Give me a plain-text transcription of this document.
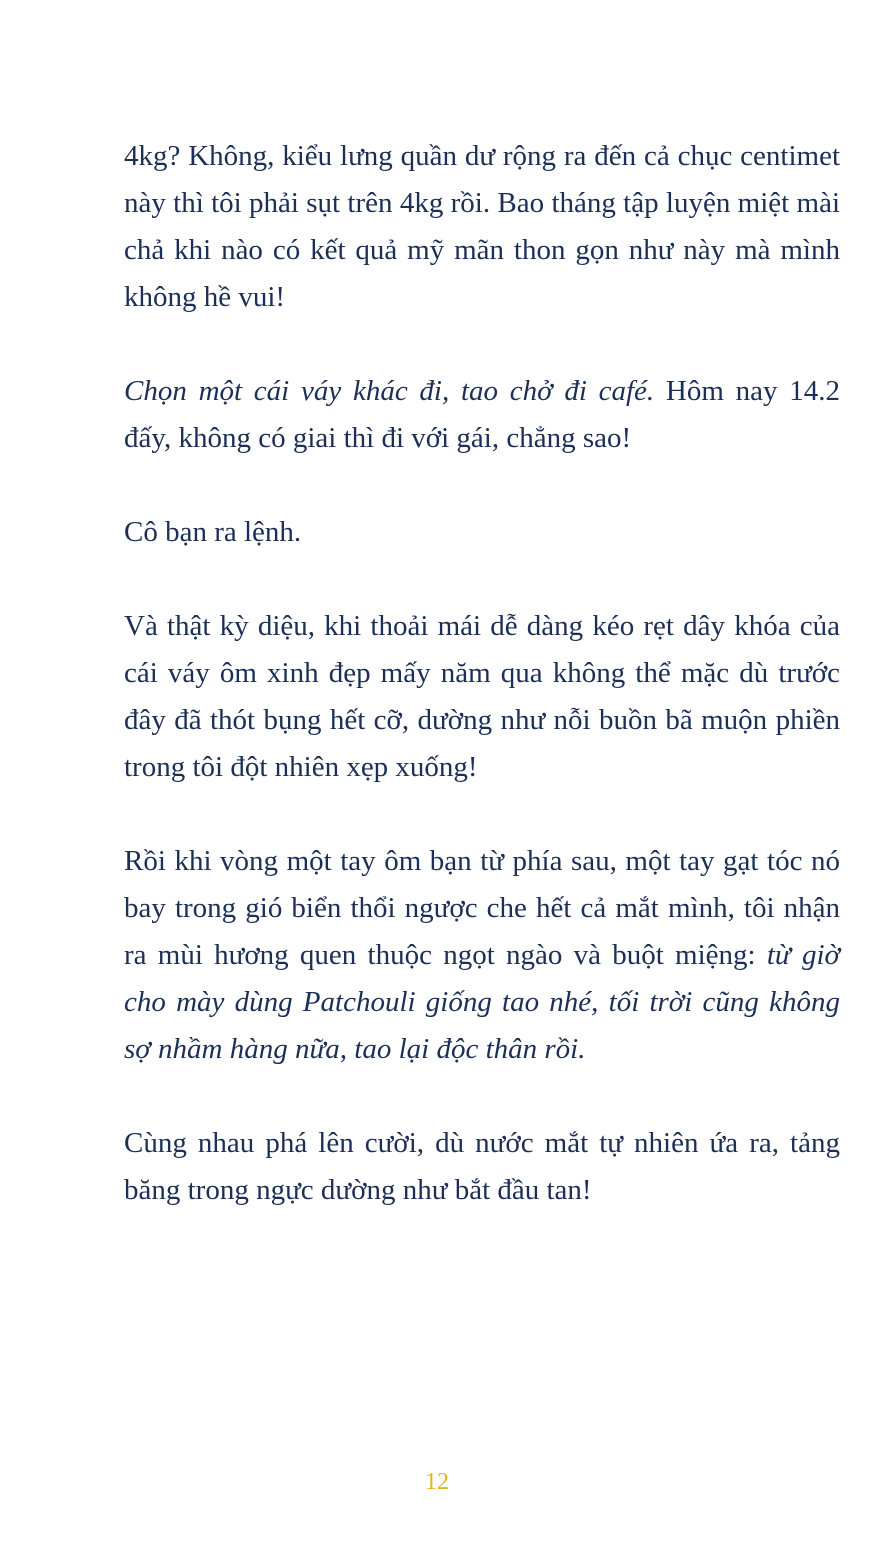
4kg? Không, kiểu lưng quần dư rộng ra đến cả chục centimet này thì tôi phải sụt trên 4kg rồi. Bao tháng tập luyện miệt mài chả khi nào có kết quả mỹ mãn thon gọn như này mà mình không hề vui!

Chọn một cái váy khác đi, tao chở đi café. Hôm nay 14.2 đấy, không có giai thì đi với gái, chẳng sao!

Cô bạn ra lệnh.

Và thật kỳ diệu, khi thoải mái dễ dàng kéo rẹt dây khóa của cái váy ôm xinh đẹp mấy năm qua không thể mặc dù trước đây đã thót bụng hết cỡ, dường như nỗi buồn bã muộn phiền trong tôi đột nhiên xẹp xuống!

Rồi khi vòng một tay ôm bạn từ phía sau, một tay gạt tóc nó bay trong gió biển thổi ngược che hết cả mắt mình, tôi nhận ra mùi hương quen thuộc ngọt ngào và buột miệng: từ giờ cho mày dùng Patchouli giống tao nhé, tối trời cũng không sợ nhầm hàng nữa, tao lại độc thân rồi.

Cùng nhau phá lên cười, dù nước mắt tự nhiên ứa ra, tảng băng trong ngực dường như bắt đầu tan!

12
